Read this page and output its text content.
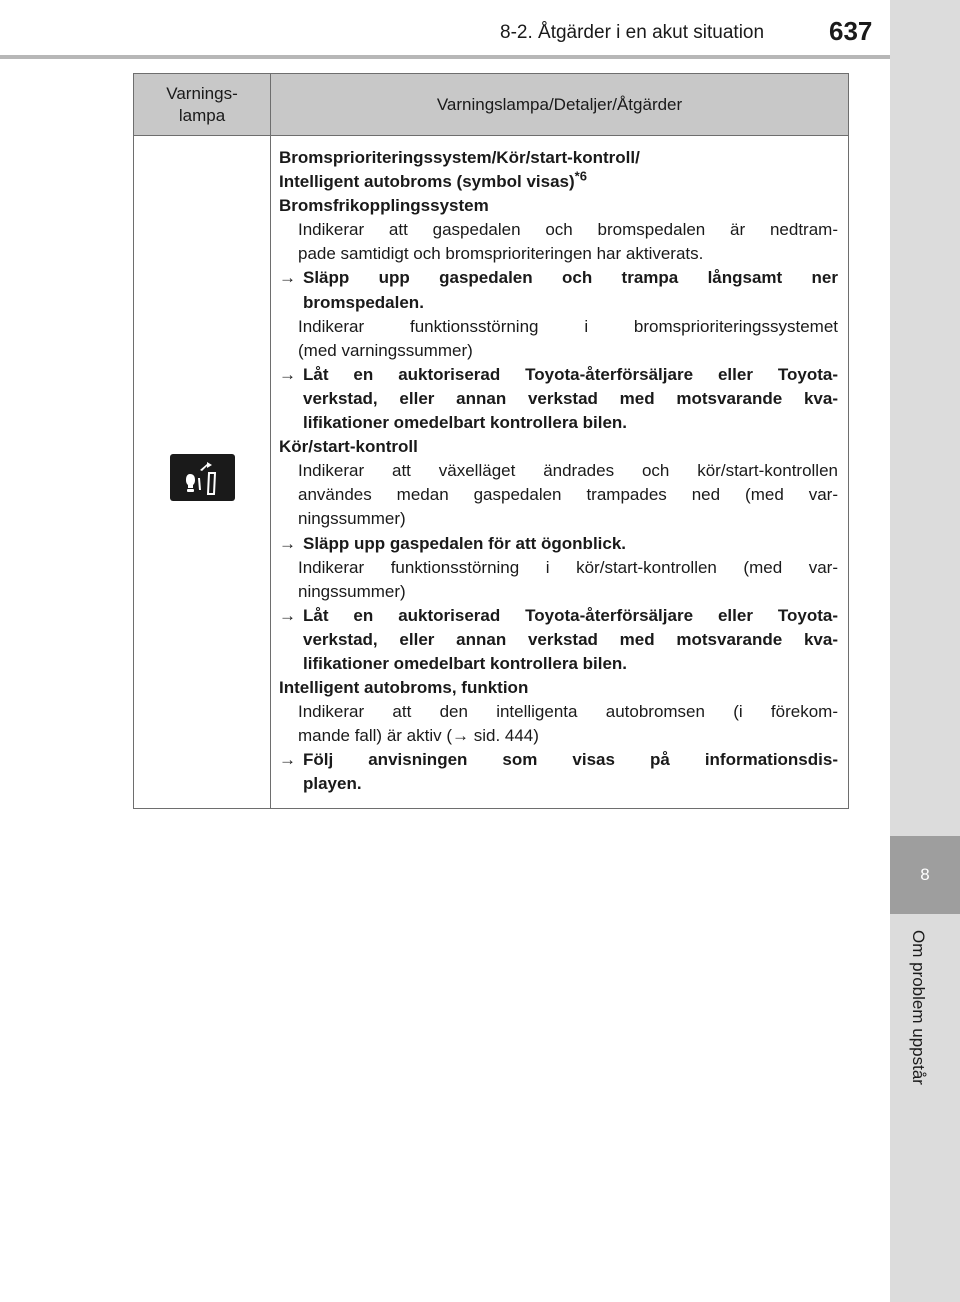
8-2. Åtgärder i en akut situation 637
8
Om problem uppstår
Varnings-
lampa
Varningslampa/Detaljer/Åtgärder
Bromsprioriteringssystem/Kör/start-kontroll/
Intelligent autobroms (symbol visas)$^{*6}$
Bromsfrikopplingssystem
Indikerar att gaspedalen och bromspedalen är nedtram-
pade samtidigt och bromsprioriteringen har aktiverats.
→ Släpp upp gaspedalen och trampa långsamt ner
bromspedalen.
Indikerar funktionsstörning i bromsprioriteringssystemet
(med varningssummer)
→ Låt en auktoriserad Toyota-återförsäljare eller Toyota-
verkstad, eller annan verkstad med motsvarande kva-
lifikationer omedelbart kontrollera bilen.
Kör/start-kontroll
Indikerar att växelläget ändrades och kör/start-kontrollen
användes medan gaspedalen trampades ned (med var-
ningssummer)
→ Släpp upp gaspedalen för att ögonblick.
Indikerar funktionsstörning i kör/start-kontrollen (med var-
ningssummer)
→ Låt en auktoriserad Toyota-återförsäljare eller Toyota-
verkstad, eller annan verkstad med motsvarande kva-
lifikationer omedelbart kontrollera bilen.
Intelligent autobroms, funktion
Indikerar att den intelligenta autobromsen (i förekom-
mande fall) är aktiv (→ sid. 444)
→ Följ anvisningen som visas på informationsdis-
playen.
